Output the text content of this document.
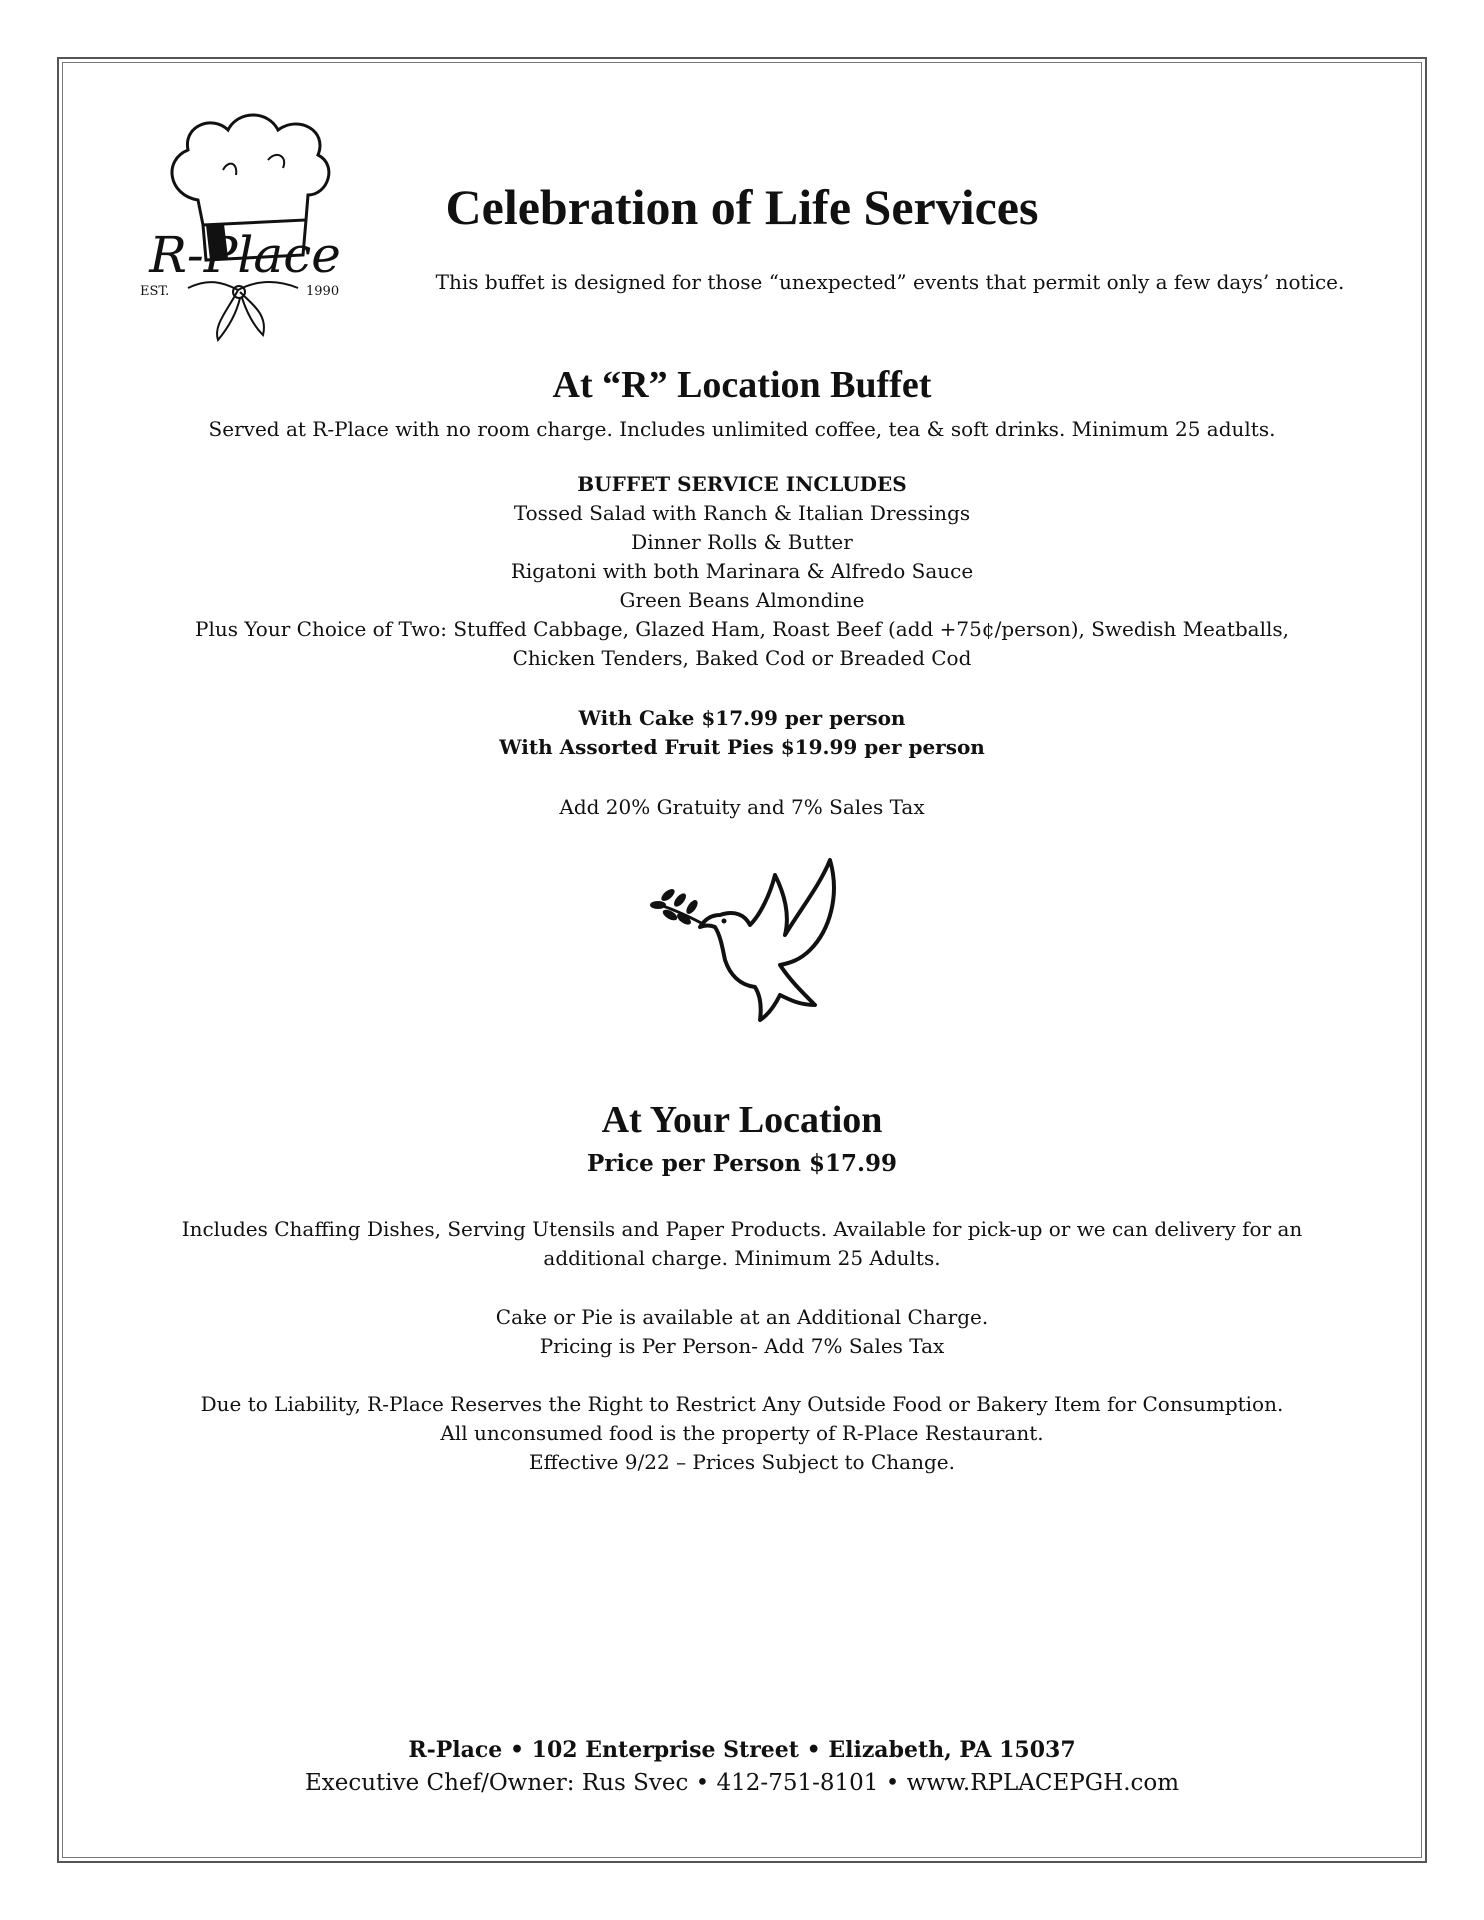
R-Place
EST.	1990
Celebration of Life Services
This buffet is designed for those “unexpected” events that permit only a few days’ notice.
At “R” Location Buffet
Served at R-Place with no room charge. Includes unlimited coffee, tea & soft drinks. Minimum 25 adults.
BUFFET SERVICE INCLUDES
Tossed Salad with Ranch & Italian Dressings
Dinner Rolls & Butter
Rigatoni with both Marinara & Alfredo Sauce
Green Beans Almondine
Plus Your Choice of Two: Stuffed Cabbage, Glazed Ham, Roast Beef (add +75¢/person), Swedish Meatballs,
Chicken Tenders, Baked Cod or Breaded Cod
With Cake $17.99 per person
With Assorted Fruit Pies $19.99 per person
Add 20% Gratuity and 7% Sales Tax
At Your Location
Price per Person $17.99
Includes Chaffing Dishes, Serving Utensils and Paper Products. Available for pick-up or we can delivery for an
additional charge. Minimum 25 Adults.
Cake or Pie is available at an Additional Charge.
Pricing is Per Person- Add 7% Sales Tax
Due to Liability, R-Place Reserves the Right to Restrict Any Outside Food or Bakery Item for Consumption.
All unconsumed food is the property of R-Place Restaurant.
Effective 9/22 – Prices Subject to Change.
R-Place • 102 Enterprise Street • Elizabeth, PA 15037
Executive Chef/Owner: Rus Svec • 412-751-8101 • www.RPLACEPGH.com
